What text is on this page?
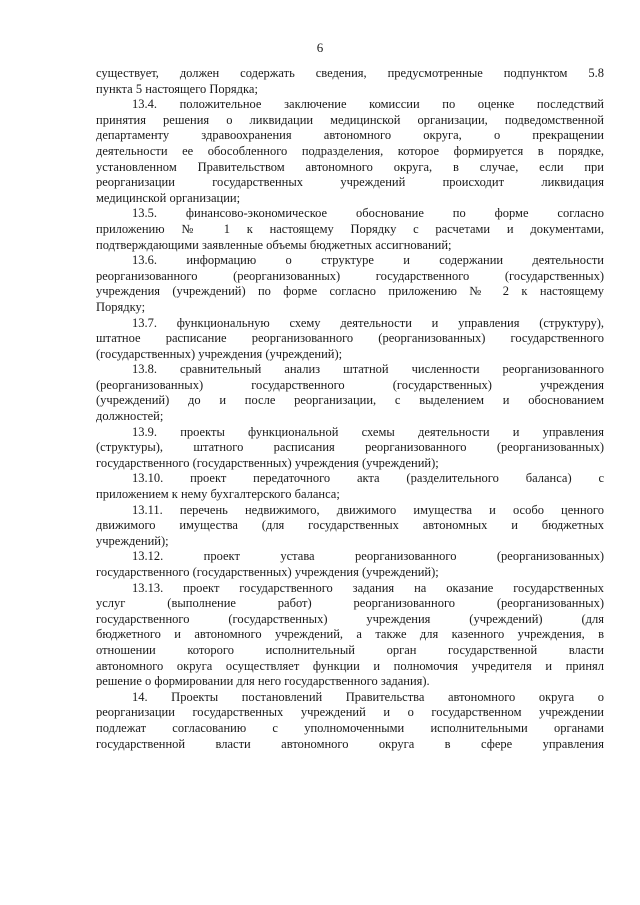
6
существует, должен содержать сведения, предусмотренные подпунктом 5.8
пункта 5 настоящего Порядка;
13.4. положительное заключение комиссии по оценке последствий
принятия решения о ликвидации медицинской организации, подведомственной
департаменту здравоохранения автономного округа, о прекращении
деятельности ее обособленного подразделения, которое формируется в порядке,
установленном Правительством автономного округа, в случае, если при
реорганизации государственных учреждений происходит ликвидация
медицинской организации;
13.5. финансово-экономическое обоснование по форме согласно
приложению № 1 к настоящему Порядку с расчетами и документами,
подтверждающими заявленные объемы бюджетных ассигнований;
13.6. информацию о структуре и содержании деятельности
реорганизованного (реорганизованных) государственного (государственных)
учреждения (учреждений) по форме согласно приложению № 2 к настоящему
Порядку;
13.7. функциональную схему деятельности и управления (структуру),
штатное расписание реорганизованного (реорганизованных) государственного
(государственных) учреждения (учреждений);
13.8. сравнительный анализ штатной численности реорганизованного
(реорганизованных) государственного (государственных) учреждения
(учреждений) до и после реорганизации, с выделением и обоснованием
должностей;
13.9. проекты функциональной схемы деятельности и управления
(структуры), штатного расписания реорганизованного (реорганизованных)
государственного (государственных) учреждения (учреждений);
13.10. проект передаточного акта (разделительного баланса) с
приложением к нему бухгалтерского баланса;
13.11. перечень недвижимого, движимого имущества и особо ценного
движимого имущества (для государственных автономных и бюджетных
учреждений);
13.12. проект устава реорганизованного (реорганизованных)
государственного (государственных) учреждения (учреждений);
13.13. проект государственного задания на оказание государственных
услуг (выполнение работ) реорганизованного (реорганизованных)
государственного (государственных) учреждения (учреждений) (для
бюджетного и автономного учреждений, а также для казенного учреждения, в
отношении которого исполнительный орган государственной власти
автономного округа осуществляет функции и полномочия учредителя и принял
решение о формировании для него государственного задания).
14. Проекты постановлений Правительства автономного округа о
реорганизации государственных учреждений и о государственном учреждении
подлежат согласованию с уполномоченными исполнительными органами
государственной власти автономного округа в сфере управления
